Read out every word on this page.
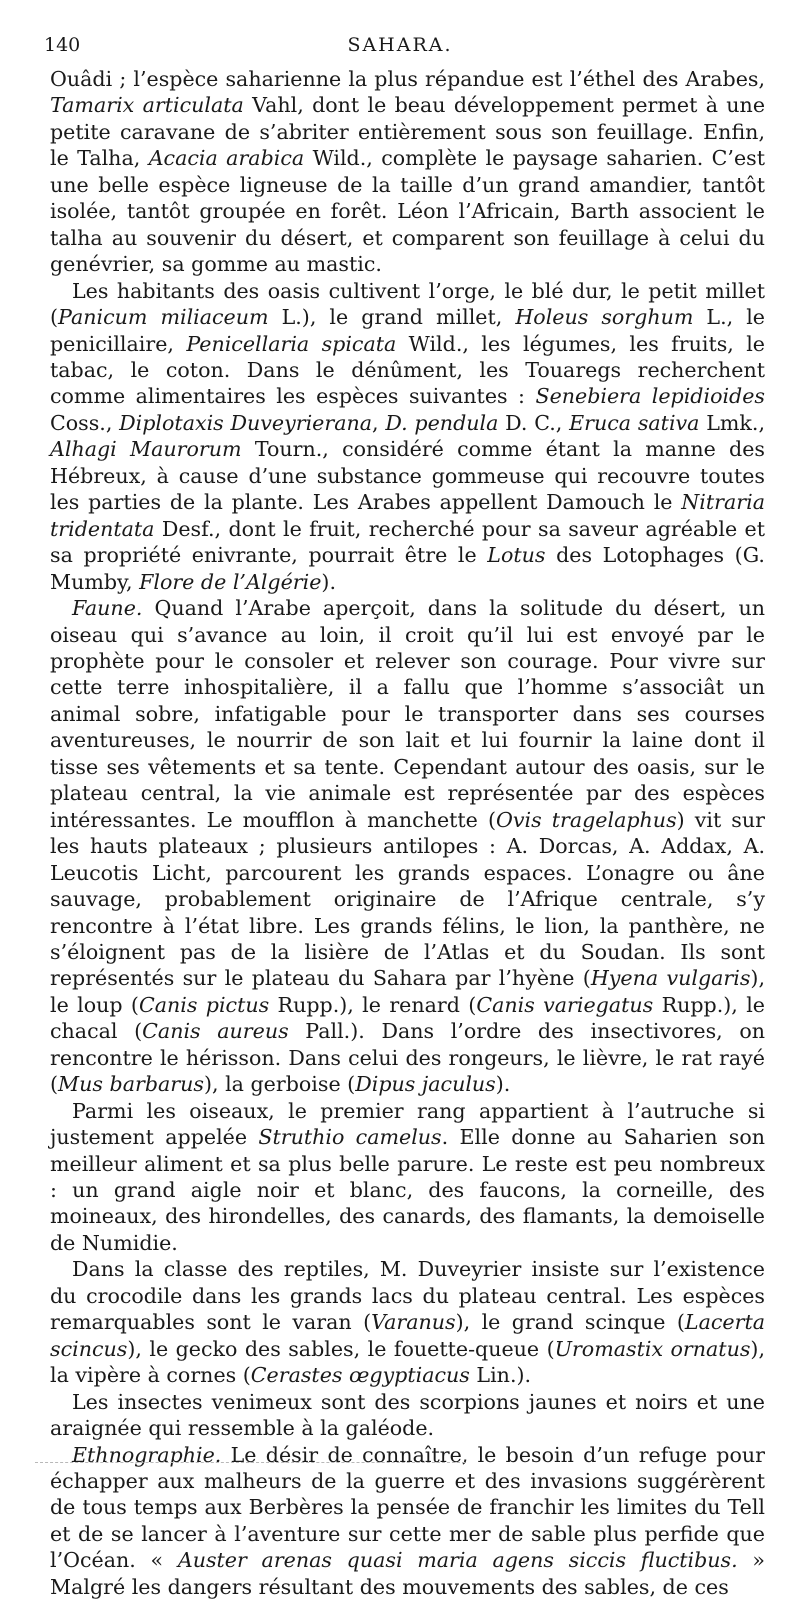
140	SAHARA.

Ouâdi ; l’espèce saharienne la plus répandue est l’éthel des Arabes, Tamarix articulata Vahl, dont le beau développement permet à une petite caravane de s’abriter entièrement sous son feuillage. Enfin, le Talha, Acacia arabica Wild., complète le paysage saharien. C’est une belle espèce ligneuse de la taille d’un grand amandier, tantôt isolée, tantôt groupée en forêt. Léon l’Africain, Barth associent le talha au souvenir du désert, et comparent son feuillage à celui du genévrier, sa gomme au mastic.

Les habitants des oasis cultivent l’orge, le blé dur, le petit millet (Panicum miliaceum L.), le grand millet, Holeus sorghum L., le penicillaire, Penicellaria spicata Wild., les légumes, les fruits, le tabac, le coton. Dans le dénûment, les Touaregs recherchent comme alimentaires les espèces suivantes : Senebiera lepidioides Coss., Diplotaxis Duveyrierana, D. pendula D. C., Eruca sativa Lmk., Alhagi Maurorum Tourn., considéré comme étant la manne des Hébreux, à cause d’une substance gommeuse qui recouvre toutes les parties de la plante. Les Arabes appellent Damouch le Nitraria tridentata Desf., dont le fruit, recherché pour sa saveur agréable et sa propriété enivrante, pourrait être le Lotus des Lotophages (G. Mumby, Flore de l’Algérie).

Faune. Quand l’Arabe aperçoit, dans la solitude du désert, un oiseau qui s’avance au loin, il croit qu’il lui est envoyé par le prophète pour le consoler et relever son courage. Pour vivre sur cette terre inhospitalière, il a fallu que l’homme s’associât un animal sobre, infatigable pour le transporter dans ses courses aventureuses, le nourrir de son lait et lui fournir la laine dont il tisse ses vêtements et sa tente. Cependant autour des oasis, sur le plateau central, la vie animale est représentée par des espèces intéressantes. Le moufflon à manchette (Ovis tragelaphus) vit sur les hauts plateaux ; plusieurs antilopes : A. Dorcas, A. Addax, A. Leucotis Licht, parcourent les grands espaces. L’onagre ou âne sauvage, probablement originaire de l’Afrique centrale, s’y rencontre à l’état libre. Les grands félins, le lion, la panthère, ne s’éloignent pas de la lisière de l’Atlas et du Soudan. Ils sont représentés sur le plateau du Sahara par l’hyène (Hyena vulgaris), le loup (Canis pictus Rupp.), le renard (Canis variegatus Rupp.), le chacal (Canis aureus Pall.). Dans l’ordre des insectivores, on rencontre le hérisson. Dans celui des rongeurs, le lièvre, le rat rayé (Mus barbarus), la gerboise (Dipus jaculus).

Parmi les oiseaux, le premier rang appartient à l’autruche si justement appelée Struthio camelus. Elle donne au Saharien son meilleur aliment et sa plus belle parure. Le reste est peu nombreux : un grand aigle noir et blanc, des faucons, la corneille, des moineaux, des hirondelles, des canards, des flamants, la demoiselle de Numidie.

Dans la classe des reptiles, M. Duveyrier insiste sur l’existence du crocodile dans les grands lacs du plateau central. Les espèces remarquables sont le varan (Varanus), le grand scinque (Lacerta scincus), le gecko des sables, le fouette-queue (Uromastix ornatus), la vipère à cornes (Cerastes œgyptiacus Lin.).

Les insectes venimeux sont des scorpions jaunes et noirs et une araignée qui ressemble à la galéode.

Ethnographie. Le désir de connaître, le besoin d’un refuge pour échapper aux malheurs de la guerre et des invasions suggérèrent de tous temps aux Berbères la pensée de franchir les limites du Tell et de se lancer à l’aventure sur cette mer de sable plus perfide que l’Océan. « Auster arenas quasi maria agens siccis fluctibus. » Malgré les dangers résultant des mouvements des sables, de ces
